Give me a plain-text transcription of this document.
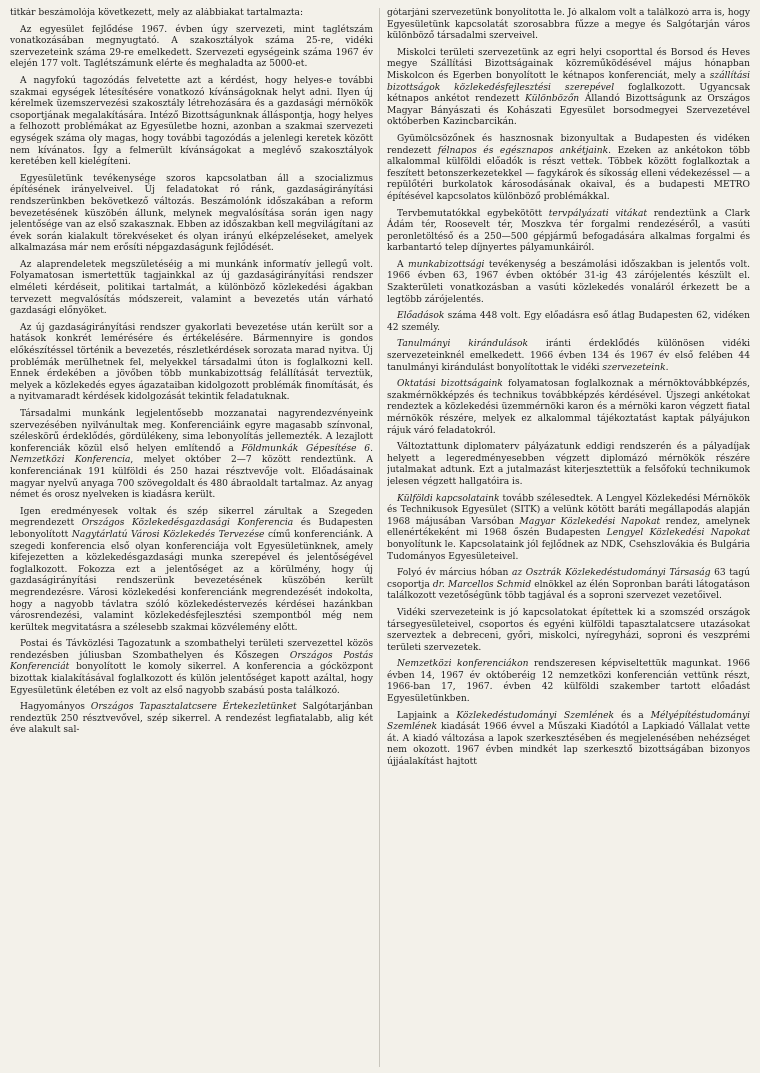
titkár beszámolója következett, mely az alábbiakat tartalmazta:

Az egyesület fejlődése 1967. évben úgy szervezeti, mint taglétszám vonatkozásában megnyugtató. A szakosztályok száma 25-re, vidéki szervezeteink száma 29-re emelkedett. Szervezeti egységeink száma 1967 év elején 177 volt. Taglétszámunk elérte és meghaladta az 5000-et.

A nagyfokú tagozódás felvetette azt a kérdést, hogy helyes-e további szakmai egységek létesítésére vonatkozó kívánságoknak helyt adni. Ilyen új kérelmek üzemszervezési szakosztály létrehozására és a gazdasági mérnökök csoportjának megalakítására. Intéző Bizottságunknak álláspontja, hogy helyes a felhozott problémákat az Egyesületbe hozni, azonban a szakmai szervezeti egységek száma oly magas, hogy további tagozódás a jelenlegi keretek között nem kívánatos. Így a felmerült kívánságokat a meglévő szakosztályok keretében kell kielégíteni.

Egyesületünk tevékenysége szoros kapcsolatban áll a szocializmus építésének irányelveivel. Új feladatokat ró ránk, gazdaságirányítási rendszerünkben bekövetkező változás. Beszámolónk időszakában a reform bevezetésének küszöbén állunk, melynek megvalósítása során igen nagy jelentősége van az első szakasznak. Ebben az időszakban kell megvilágítani az évek során kialakult törekvéseket és olyan irányú elképzeléseket, amelyek alkalmazása már nem erősíti népgazdaságunk fejlődését.

Az alaprendeletek megszületéséig a mi munkánk informatív jellegű volt. Folyamatosan ismertettük tagjainkkal az új gazdaságirányítási rendszer elméleti kérdéseit, politikai tartalmát, a különböző közlekedési ágakban tervezett megvalósítás módszereit, valamint a bevezetés után várható gazdasági előnyöket.

Az új gazdaságirányítási rendszer gyakorlati bevezetése után került sor a hatások konkrét lemérésére és értékelésére. Bármennyire is gondos előkészítéssel történik a bevezetés, részletkérdések sorozata marad nyitva. Új problémák merülhetnek fel, melyekkel társadalmi úton is foglalkozni kell. Ennek érdekében a jövőben több munkabizottság felállítását terveztük, melyek a közlekedés egyes ágazataiban kidolgozott problémák finomítását, és a nyitvamaradt kérdések kidolgozását tekintik feladatuknak.

Társadalmi munkánk legjelentősebb mozzanatai nagyrendezvényeink szervezésében nyilvánultak meg. Konferenciáink egyre magasabb színvonal, széleskörű érdeklődés, gördülékeny, sima lebonyolítás jellemezték. A lezajlott konferenciák közül első helyen említendő a Földmunkák Gépesítése 6. Nemzetközi Konferencia, melyet október 2—7 között rendeztünk. A konferenciának 191 külföldi és 250 hazai résztvevője volt. Előadásainak magyar nyelvű anyaga 700 szövegoldalt és 480 ábraoldalt tartalmaz. Az anyag német és orosz nyelveken is kiadásra került.

Igen eredményesek voltak és szép sikerrel zárultak a Szegeden megrendezett Országos Közlekedésgazdasági Konferencia és Budapesten lebonyolított Nagytárlatú Városi Közlekedés Tervezése című konferenciánk. A szegedi konferencia első olyan konferenciája volt Egyesületünknek, amely kifejezetten a közlekedésgazdasági munka szerepével és jelentőségével foglalkozott. Fokozza ezt a jelentőséget az a körülmény, hogy új gazdaságirányítási rendszerünk bevezetésének küszöbén került megrendezésre. Városi közlekedési konferenciánk megrendezését indokolta, hogy a nagyobb távlatra szóló közlekedéstervezés kérdései hazánkban városrendezési, valamint közlekedésfejlesztési szempontból még nem kerültek megvitatásra a szélesebb szakmai közvélemény előtt.

Postai és Távközlési Tagozatunk a szombathelyi területi szervezettel közös rendezésben júliusban Szombathelyen és Kőszegen Országos Postás Konferenciát bonyolított le komoly sikerrel. A konferencia a gócközpont bizottak kialakításával foglalkozott és külön jelentőséget kapott azáltal, hogy Egyesületünk életében ez volt az első nagyobb szabású posta találkozó.

Hagyományos Országos Tapasztalatcsere Értekezletünket Salgótarjánban rendeztük 250 résztvevővel, szép sikerrel. A rendezést legfiatalabb, alig két éve alakult sal-

gótarjáni szervezetünk bonyolította le. Jó alkalom volt a találkozó arra is, hogy Egyesületünk kapcsolatát szorosabbra fűzze a megye és Salgótarján város különböző társadalmi szerveivel.

Miskolci területi szervezetünk az egri helyi csoporttal és Borsod és Heves megye Szállítási Bizottságainak közreműködésével május hónapban Miskolcon és Egerben bonyolított le kétnapos konferenciát, mely a szállítási bizottságok közlekedésfejlesztési szerepével foglalkozott. Ugyancsak kétnapos ankétot rendezett Különbözőn Állandó Bizottságunk az Országos Magyar Bányászati és Kohászati Egyesület borsodmegyei Szervezetével októberben Kazincbarcikán.

Gyümölcsözőnek és hasznosnak bizonyultak a Budapesten és vidéken rendezett félnapos és egésznapos ankétjaink. Ezeken az ankétokon több alkalommal külföldi előadók is részt vettek. Többek között foglalkoztak a feszített betonszerkezetekkel — fagykárok és síkosság elleni védekezéssel — a repülőtéri burkolatok károsodásának okaival, és a budapesti METRO építésével kapcsolatos különböző problémákkal.

Tervbemutatókkal egybekötött tervpályázati vitákat rendeztünk a Clark Ádám tér, Roosevelt tér, Moszkva tér forgalmi rendezéséről, a vasúti peronletöltéső és a 250—500 gépjármű befogadására alkalmas forgalmi és karbantartó telep díjnyertes pályamunkáiról.

A munkabizottsági tevékenység a beszámolási időszakban is jelentős volt. 1966 évben 63, 1967 évben októbér 31-ig 43 zárójelentés készült el. Szakterületi vonatkozásban a vasúti közlekedés vonaláról érkezett be a legtöbb zárójelentés.

Előadások száma 448 volt. Egy előadásra eső átlag Budapesten 62, vidéken 42 személy.

Tanulmányi kirándulások iránti érdeklődés különösen vidéki szervezeteinknél emelkedett. 1966 évben 134 és 1967 év első felében 44 tanulmányi kirándulást bonyolítottak le vidéki szervezeteink.

Oktatási bizottságaink folyamatosan foglalkoznak a mérnöktovábbképzés, szakmérnökképzés és technikus továbbképzés kérdésével. Újszegi ankétokat rendeztek a közlekedési üzemmérnöki karon és a mérnöki karon végzett fiatal mérnökök részére, melyek ez alkalommal tájékoztatást kaptak pályájukon rájuk váró feladatokról.

Változtattunk diplomaterv pályázatunk eddigi rendszerén és a pályadíjak helyett a legeredményesebben végzett diplomázó mérnökök részére jutalmakat adtunk. Ezt a jutalmazást kiterjesztettük a felsőfokú technikumok jelesen végzett hallgatóira is.

Külföldi kapcsolataink tovább szélesedtek. A Lengyel Közlekedési Mérnökök és Technikusok Egyesület (SITK) a velünk kötött baráti megállapodás alapján 1968 májusában Varsóban Magyar Közlekedési Napokat rendez, amelynek ellenértékeként mi 1968 őszén Budapesten Lengyel Közlekedési Napokat bonyolítunk le. Kapcsolataink jól fejlődnek az NDK, Csehszlovákia és Bulgária Tudományos Egyesületeivel.

Folyó év március hóban az Osztrák Közlekedéstudományi Társaság 63 tagú csoportja dr. Marcellos Schmid elnökkel az élén Sopronban baráti látogatáson találkozott vezetőségünk több tagjával és a soproni szervezet vezetőivel.

Vidéki szervezeteink is jó kapcsolatokat építettek ki a szomszéd országok társegyesületeivel, csoportos és egyéni külföldi tapasztalatcsere utazásokat szerveztek a debreceni, győri, miskolci, nyíregyházi, soproni és veszprémi területi szervezetek.

Nemzetközi konferenciákon rendszeresen képviseltettük magunkat. 1966 évben 14, 1967 év októberéig 12 nemzetközi konferencián vettünk részt, 1966-ban 17, 1967. évben 42 külföldi szakember tartott előadást Egyesületünkben.

Lapjaink a Közlekedéstudományi Szemlének és a Mélyépítéstudományi Szemlének kiadását 1966 évvel a Műszaki Kiadótól a Lapkiadó Vállalat vette át. A kiadó változása a lapok szerkesztésében és megjelenésében nehézséget nem okozott. 1967 évben mindkét lap szerkesztő bizottságában bizonyos újjáalakítást hajtott
